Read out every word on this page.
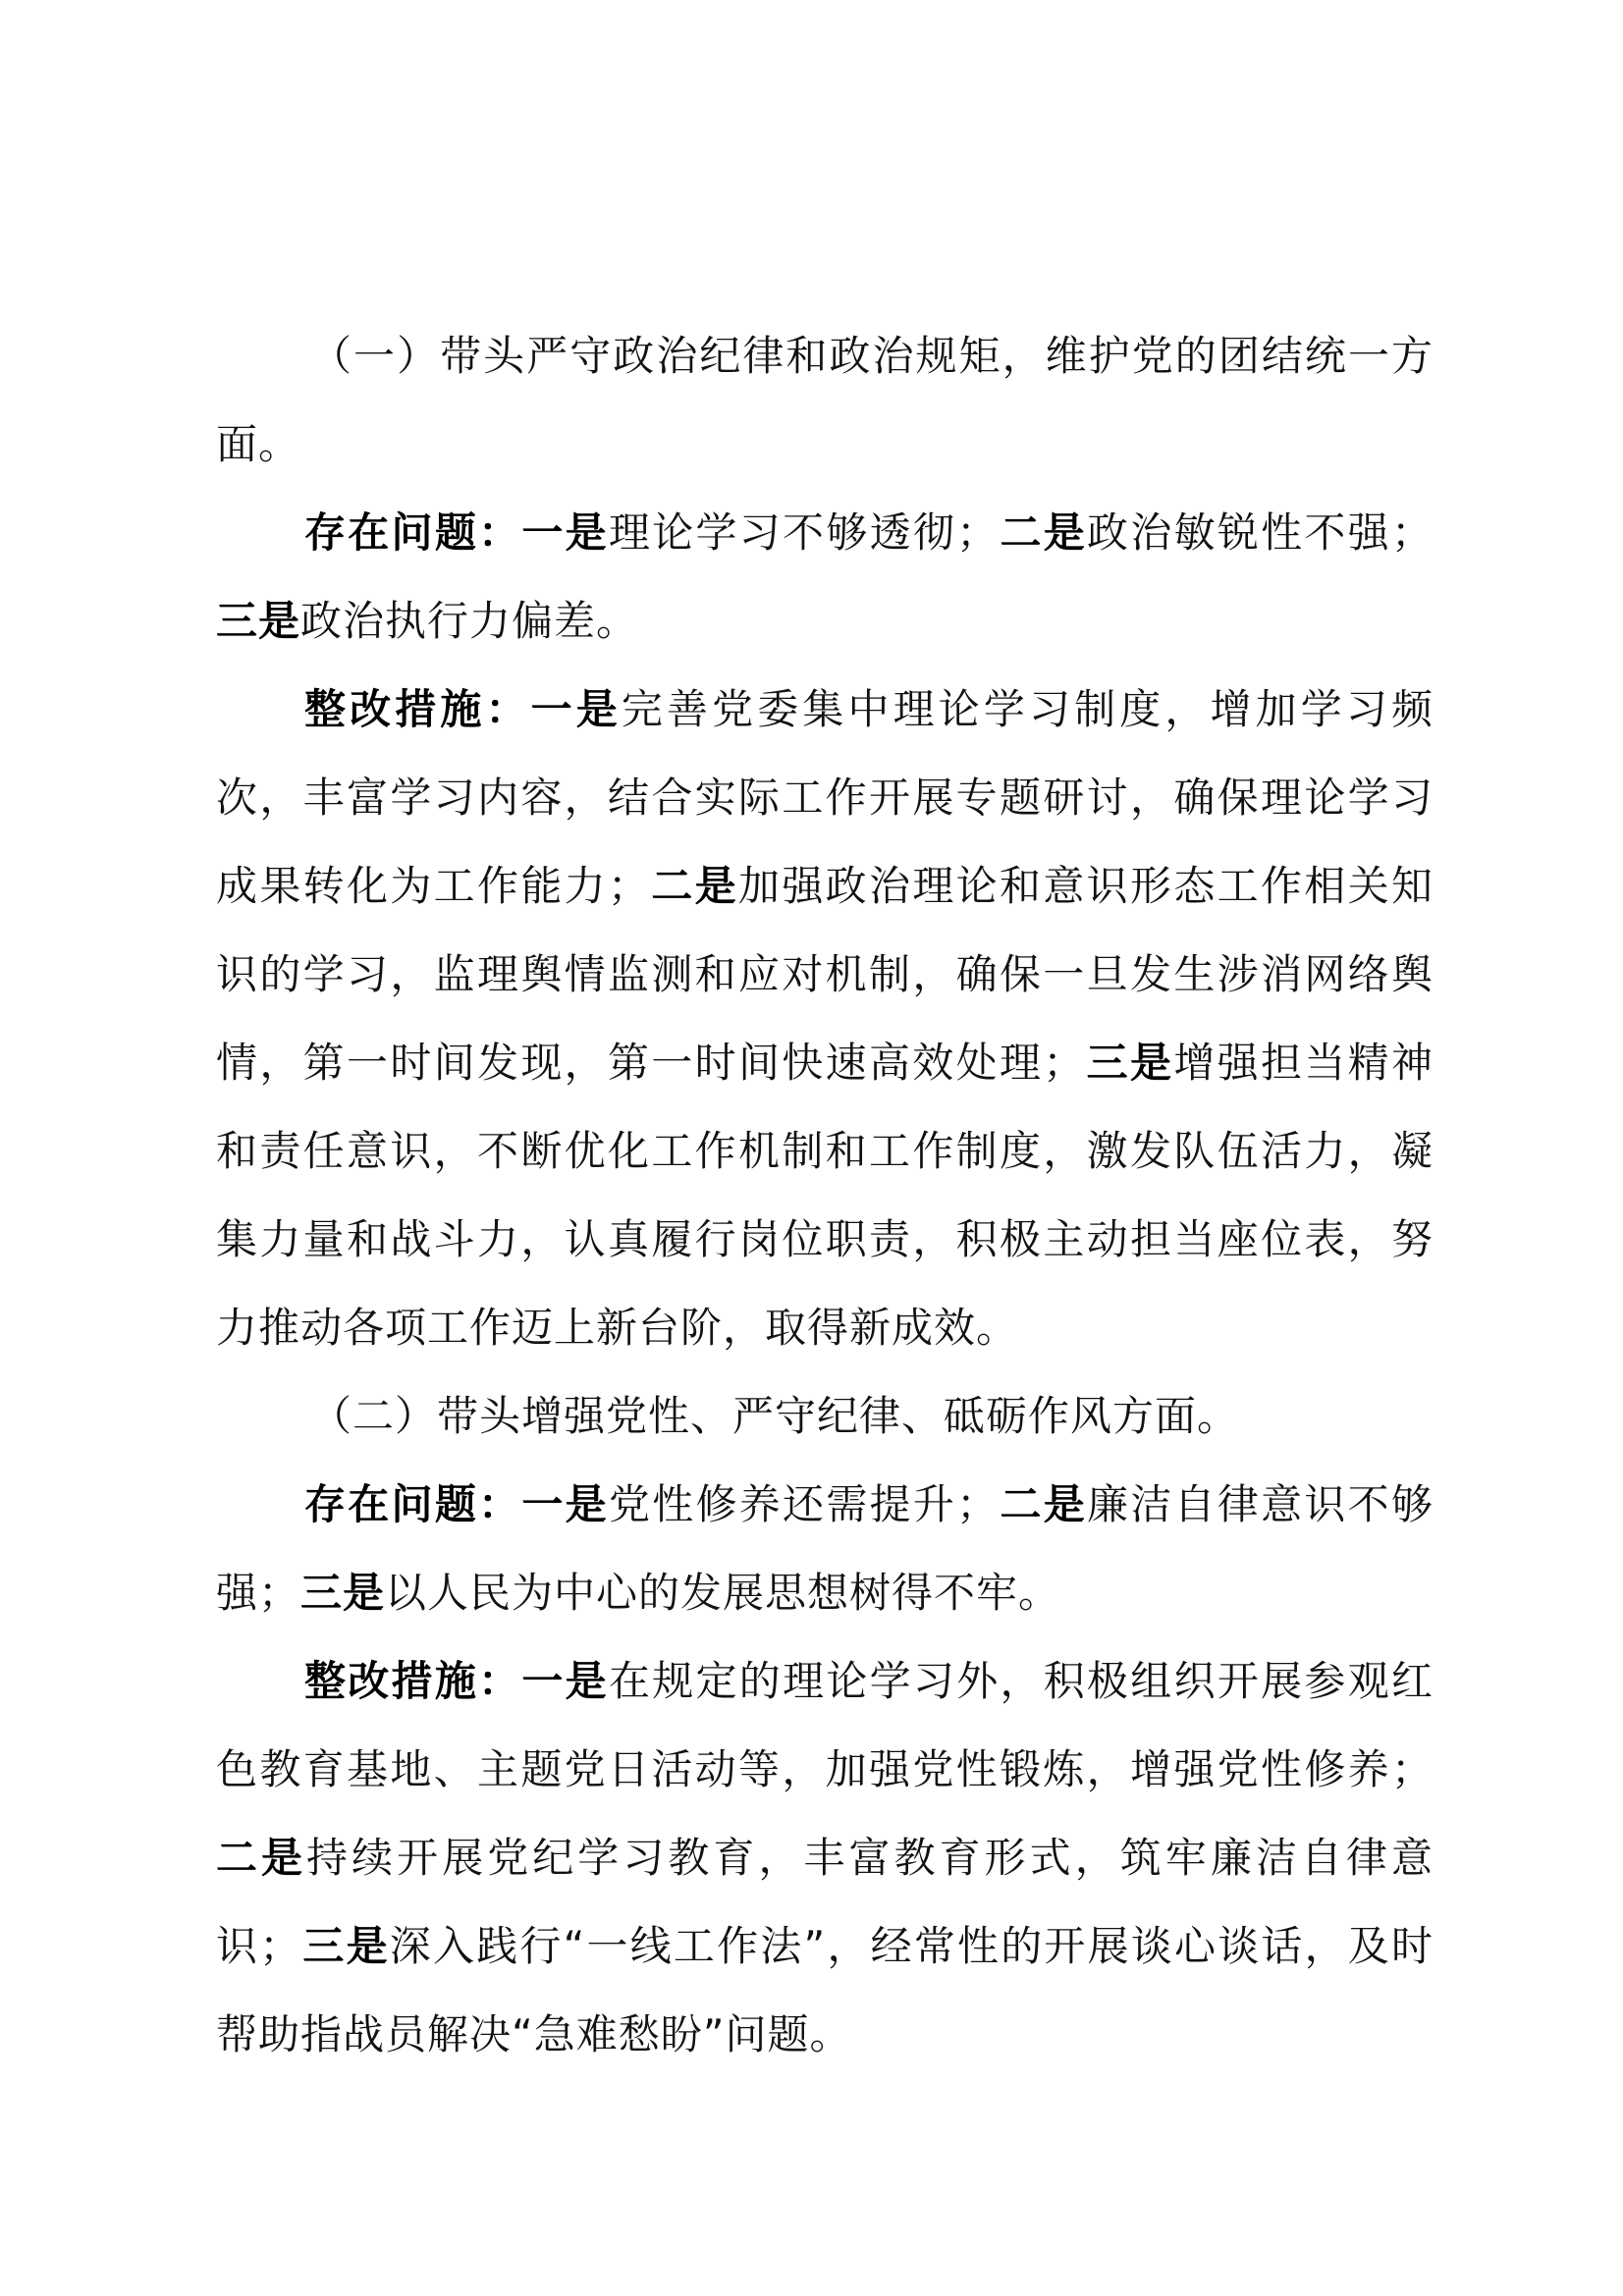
（一）带头严守政治纪律和政治规矩，维护党的团结统一方面。

存在问题：一是理论学习不够透彻；二是政治敏锐性不强；三是政治执行力偏差。

整改措施：一是完善党委集中理论学习制度，增加学习频次，丰富学习内容，结合实际工作开展专题研讨，确保理论学习成果转化为工作能力；二是加强政治理论和意识形态工作相关知识的学习，监理舆情监测和应对机制，确保一旦发生涉消网络舆情，第一时间发现，第一时间快速高效处理；三是增强担当精神和责任意识，不断优化工作机制和工作制度，激发队伍活力，凝集力量和战斗力，认真履行岗位职责，积极主动担当座位表，努力推动各项工作迈上新台阶，取得新成效。

（二）带头增强党性、严守纪律、砥砺作风方面。

存在问题：一是党性修养还需提升；二是廉洁自律意识不够强；三是以人民为中心的发展思想树得不牢。

整改措施：一是在规定的理论学习外，积极组织开展参观红色教育基地、主题党日活动等，加强党性锻炼，增强党性修养；二是持续开展党纪学习教育，丰富教育形式，筑牢廉洁自律意识；三是深入践行“一线工作法”，经常性的开展谈心谈话，及时帮助指战员解决“急难愁盼”问题。
